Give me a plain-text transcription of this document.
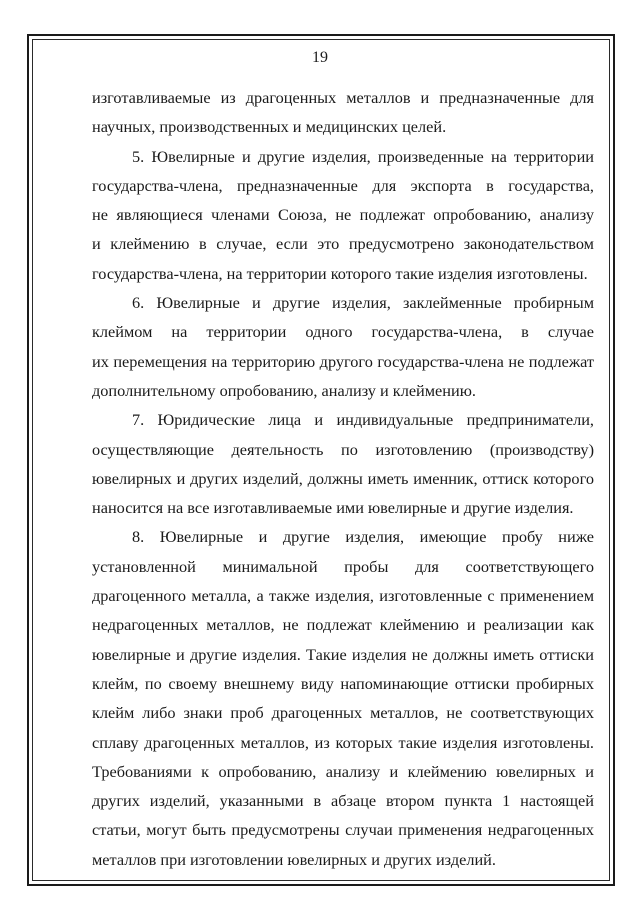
19
изготавливаемые из драгоценных металлов и предназначенные для
научных, производственных и медицинских целей.
5. Ювелирные и другие изделия, произведенные на территории
государства-члена, предназначенные для экспорта в государства,
не являющиеся членами Союза, не подлежат опробованию, анализу
и клеймению в случае, если это предусмотрено законодательством
государства-члена, на территории которого такие изделия изготовлены.
6. Ювелирные и другие изделия, заклейменные пробирным
клеймом на территории одного государства-члена, в случае
их перемещения на территорию другого государства-члена не подлежат
дополнительному опробованию, анализу и клеймению.
7. Юридические лица и индивидуальные предприниматели,
осуществляющие деятельность по изготовлению (производству)
ювелирных и других изделий, должны иметь именник, оттиск которого
наносится на все изготавливаемые ими ювелирные и другие изделия.
8. Ювелирные и другие изделия, имеющие пробу ниже
установленной минимальной пробы для соответствующего
драгоценного металла, а также изделия, изготовленные с применением
недрагоценных металлов, не подлежат клеймению и реализации как
ювелирные и другие изделия. Такие изделия не должны иметь оттиски
клейм, по своему внешнему виду напоминающие оттиски пробирных
клейм либо знаки проб драгоценных металлов, не соответствующих
сплаву драгоценных металлов, из которых такие изделия изготовлены.
Требованиями к опробованию, анализу и клеймению ювелирных и
других изделий, указанными в абзаце втором пункта 1 настоящей
статьи, могут быть предусмотрены случаи применения недрагоценных
металлов при изготовлении ювелирных и других изделий.
